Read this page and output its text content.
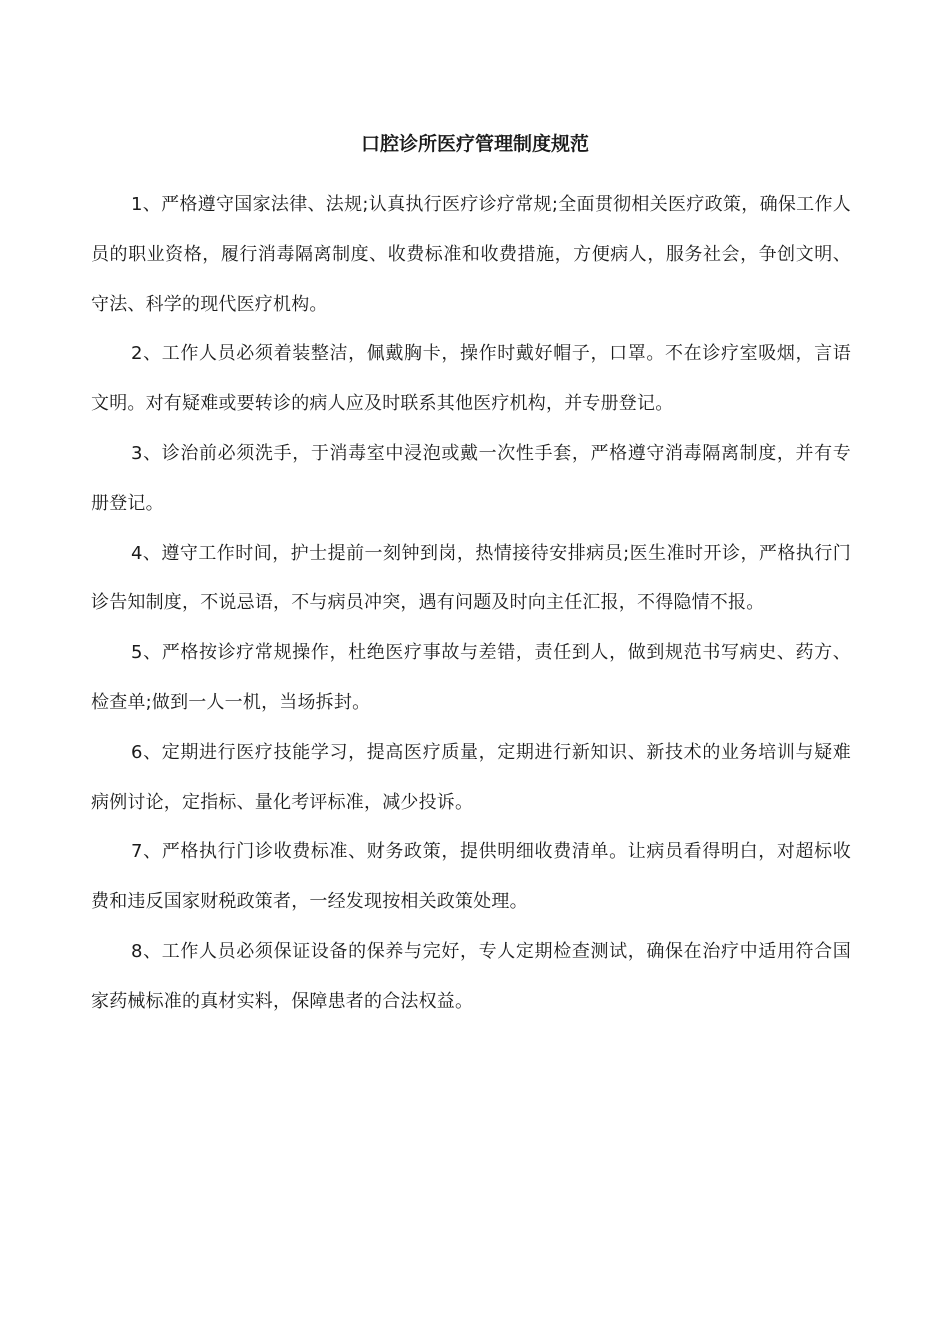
口腔诊所医疗管理制度规范

1、严格遵守国家法律、法规;认真执行医疗诊疗常规;全面贯彻相关医疗政策，确保工作人员的职业资格，履行消毒隔离制度、收费标准和收费措施，方便病人，服务社会，争创文明、守法、科学的现代医疗机构。

2、工作人员必须着装整洁，佩戴胸卡，操作时戴好帽子，口罩。不在诊疗室吸烟，言语文明。对有疑难或要转诊的病人应及时联系其他医疗机构，并专册登记。

3、诊治前必须洗手，于消毒室中浸泡或戴一次性手套，严格遵守消毒隔离制度，并有专册登记。

4、遵守工作时间，护士提前一刻钟到岗，热情接待安排病员;医生准时开诊，严格执行门诊告知制度，不说忌语，不与病员冲突，遇有问题及时向主任汇报，不得隐情不报。

5、严格按诊疗常规操作，杜绝医疗事故与差错，责任到人，做到规范书写病史、药方、检查单;做到一人一机，当场拆封。

6、定期进行医疗技能学习，提高医疗质量，定期进行新知识、新技术的业务培训与疑难病例讨论，定指标、量化考评标准，减少投诉。

7、严格执行门诊收费标准、财务政策，提供明细收费清单。让病员看得明白，对超标收费和违反国家财税政策者，一经发现按相关政策处理。

8、工作人员必须保证设备的保养与完好，专人定期检查测试，确保在治疗中适用符合国家药械标准的真材实料，保障患者的合法权益。
